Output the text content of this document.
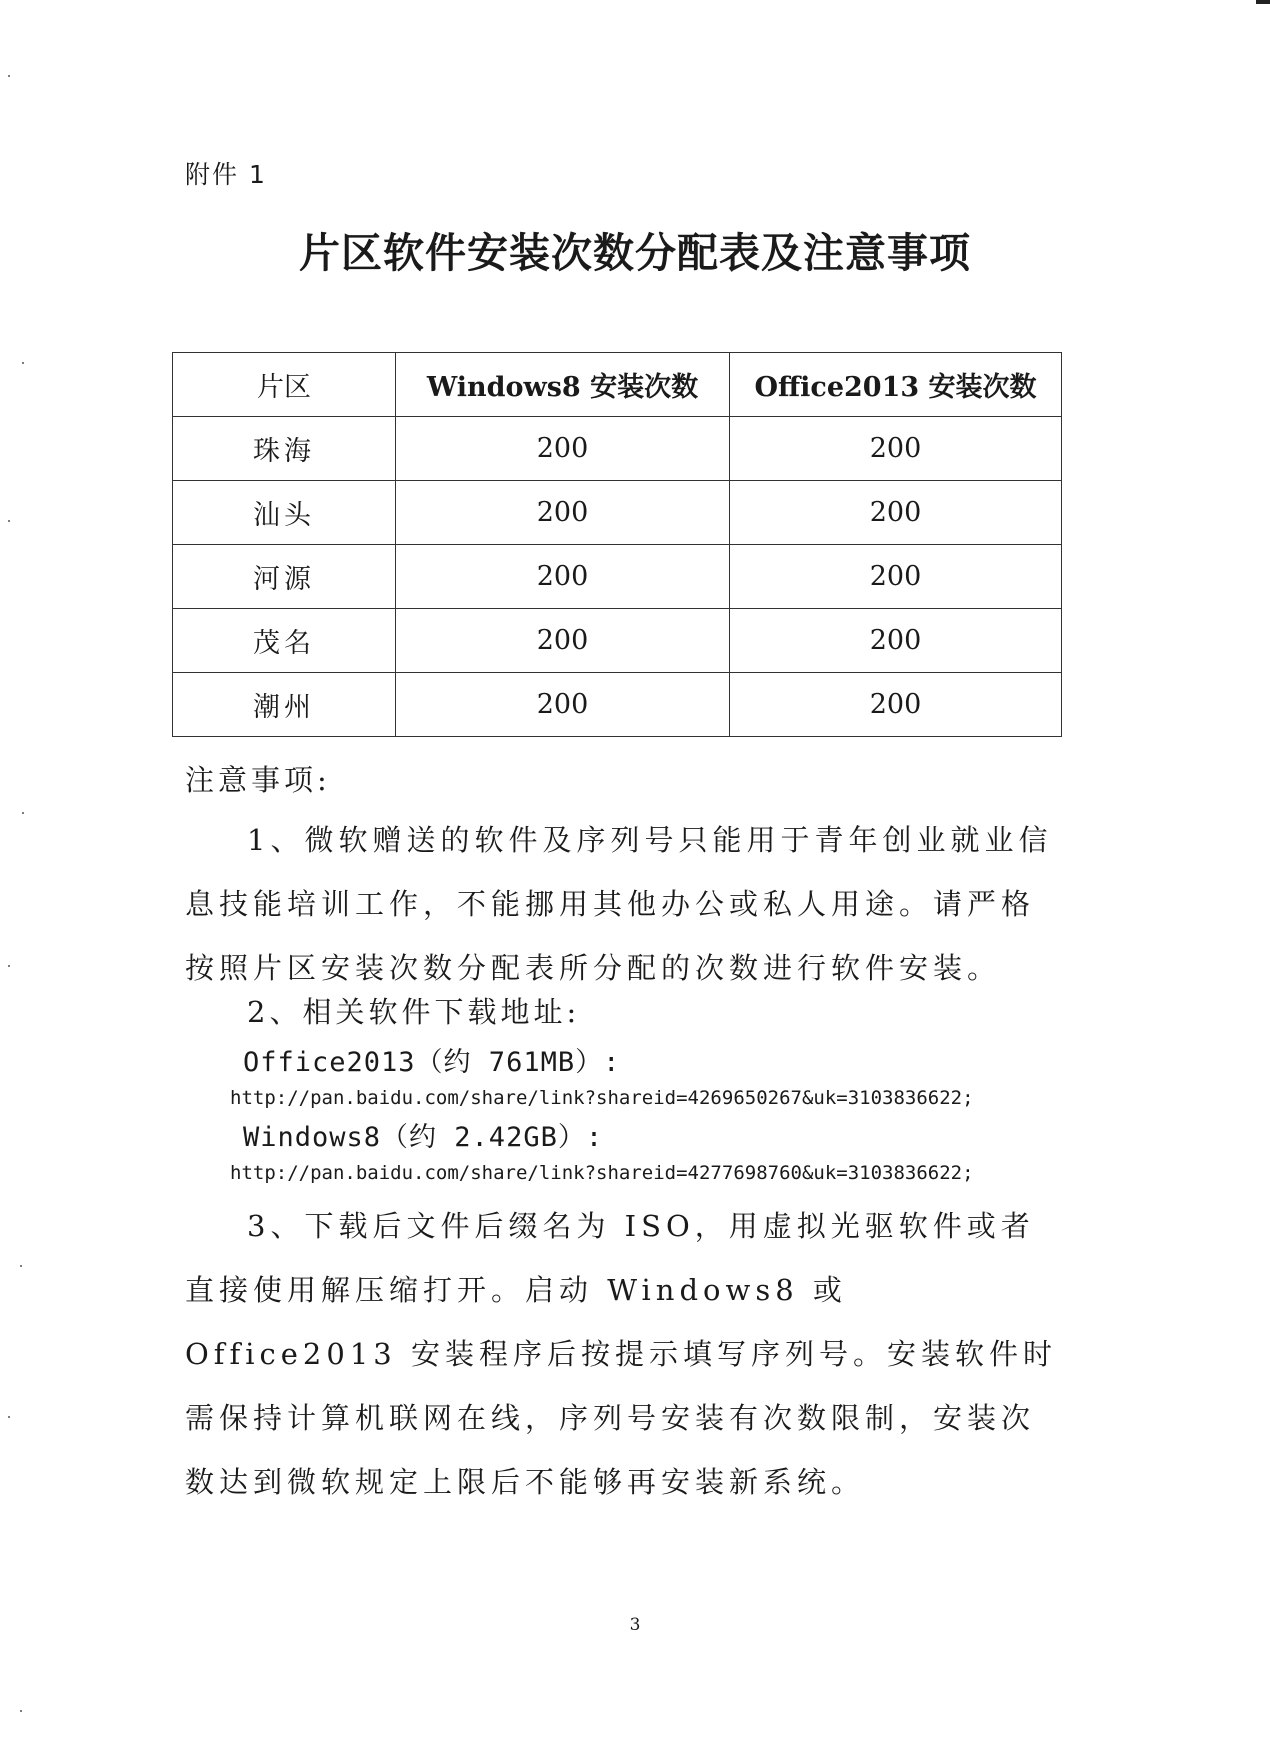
附件 1
片区软件安装次数分配表及注意事项
片区	Windows8 安装次数	Office2013 安装次数
珠海	200	200
汕头	200	200
河源	200	200
茂名	200	200
潮州	200	200
注意事项:

1、微软赠送的软件及序列号只能用于青年创业就业信息技能培训工作，不能挪用其他办公或私人用途。请严格按照片区安装次数分配表所分配的次数进行软件安装。

2、相关软件下载地址:
Office2013（约 761MB）:
http://pan.baidu.com/share/link?shareid=4269650267&uk=3103836622;
Windows8（约 2.42GB）:
http://pan.baidu.com/share/link?shareid=4277698760&uk=3103836622;

3、下载后文件后缀名为 ISO，用虚拟光驱软件或者直接使用解压缩打开。启动 Windows8 或 Office2013 安装程序后按提示填写序列号。安装软件时需保持计算机联网在线，序列号安装有次数限制，安装次数达到微软规定上限后不能够再安装新系统。

3
